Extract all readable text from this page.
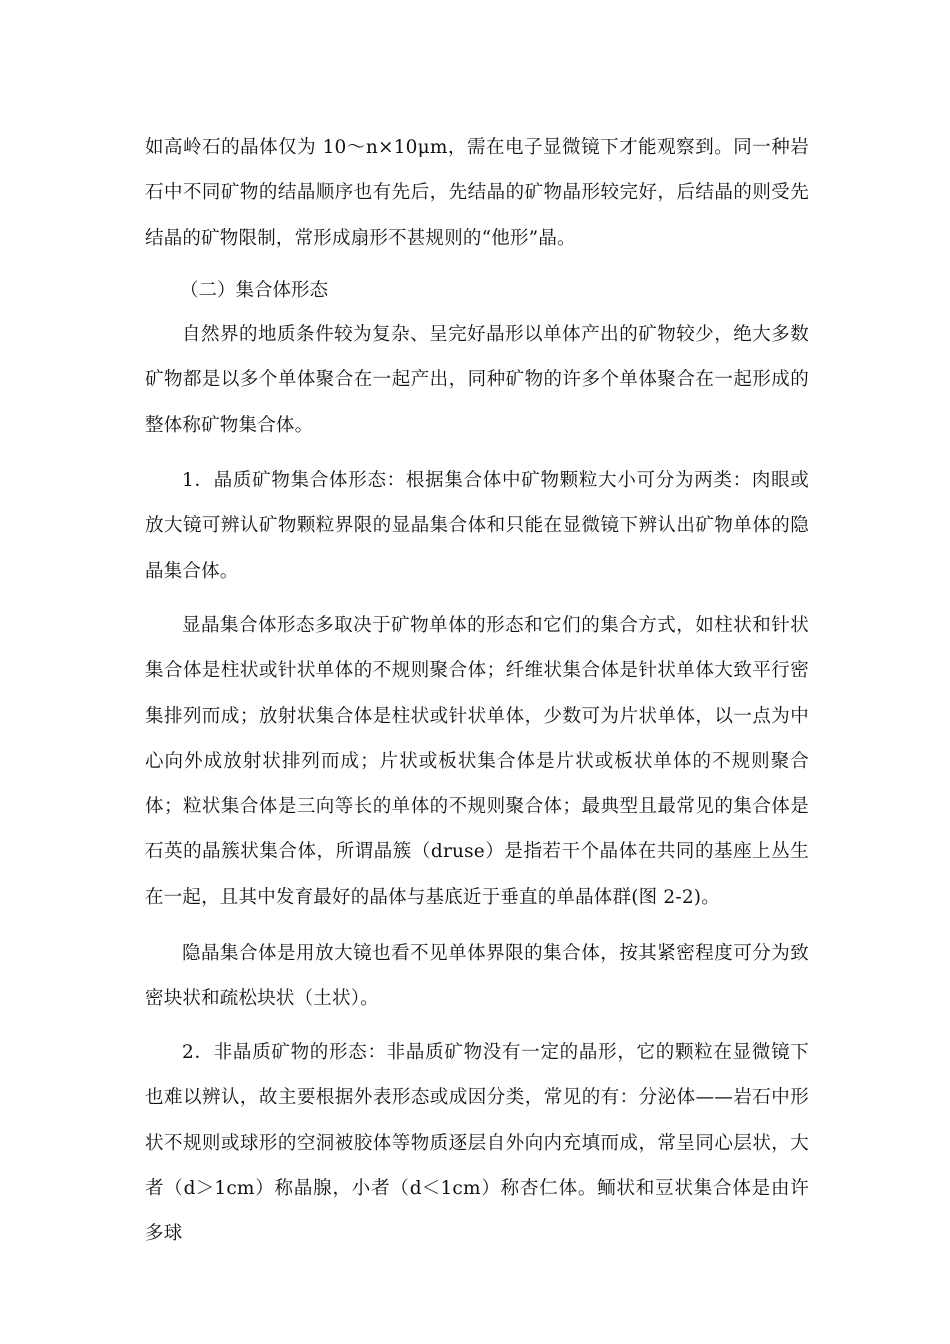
如高岭石的晶体仅为 10～n×10μm，需在电子显微镜下才能观察到。同一种岩石中不同矿物的结晶顺序也有先后，先结晶的矿物晶形较完好，后结晶的则受先结晶的矿物限制，常形成扇形不甚规则的“他形”晶。

（二）集合体形态

自然界的地质条件较为复杂、呈完好晶形以单体产出的矿物较少，绝大多数矿物都是以多个单体聚合在一起产出，同种矿物的许多个单体聚合在一起形成的整体称矿物集合体。

1．晶质矿物集合体形态：根据集合体中矿物颗粒大小可分为两类：肉眼或放大镜可辨认矿物颗粒界限的显晶集合体和只能在显微镜下辨认出矿物单体的隐晶集合体。

显晶集合体形态多取决于矿物单体的形态和它们的集合方式，如柱状和针状集合体是柱状或针状单体的不规则聚合体；纤维状集合体是针状单体大致平行密集排列而成；放射状集合体是柱状或针状单体，少数可为片状单体，以一点为中心向外成放射状排列而成；片状或板状集合体是片状或板状单体的不规则聚合体；粒状集合体是三向等长的单体的不规则聚合体；最典型且最常见的集合体是石英的晶簇状集合体，所谓晶簇（druse）是指若干个晶体在共同的基座上丛生在一起，且其中发育最好的晶体与基底近于垂直的单晶体群(图 2-2)。

隐晶集合体是用放大镜也看不见单体界限的集合体，按其紧密程度可分为致密块状和疏松块状（土状）。

2．非晶质矿物的形态：非晶质矿物没有一定的晶形，它的颗粒在显微镜下也难以辨认，故主要根据外表形态或成因分类，常见的有：分泌体——岩石中形状不规则或球形的空洞被胶体等物质逐层自外向内充填而成，常呈同心层状，大者（d＞1cm）称晶腺，小者（d＜1cm）称杏仁体。鲕状和豆状集合体是由许多球
